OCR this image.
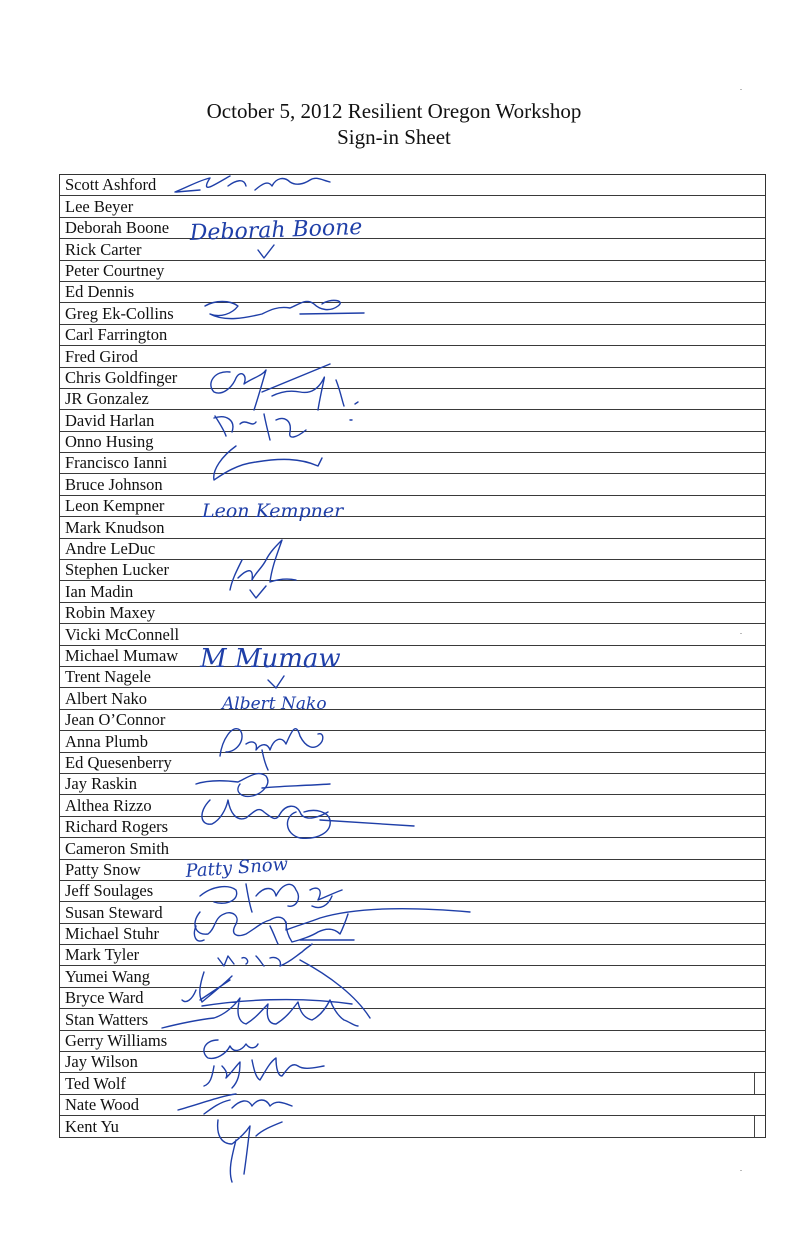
October 5, 2012 Resilient Oregon Workshop
Sign-in Sheet
Scott Ashford
Lee Beyer
Deborah Boone
Rick Carter
Peter Courtney
Ed Dennis
Greg Ek-Collins
Carl Farrington
Fred Girod
Chris Goldfinger
JR Gonzalez
David Harlan
Onno Husing
Francisco Ianni
Bruce Johnson
Leon Kempner
Mark Knudson
Andre LeDuc
Stephen Lucker
Ian Madin
Robin Maxey
Vicki McConnell
Michael Mumaw
Trent Nagele
Albert Nako
Jean O’Connor
Anna Plumb
Ed Quesenberry
Jay Raskin
Althea Rizzo
Richard Rogers
Cameron Smith
Patty Snow
Jeff Soulages
Susan Steward
Michael Stuhr
Mark Tyler
Yumei Wang
Bryce Ward
Stan Watters
Gerry Williams
Jay Wilson
Ted Wolf
Nate Wood
Kent Yu
Deborah Boone
Leon Kempner
M Mumaw
Albert Nako
Patty Snow
